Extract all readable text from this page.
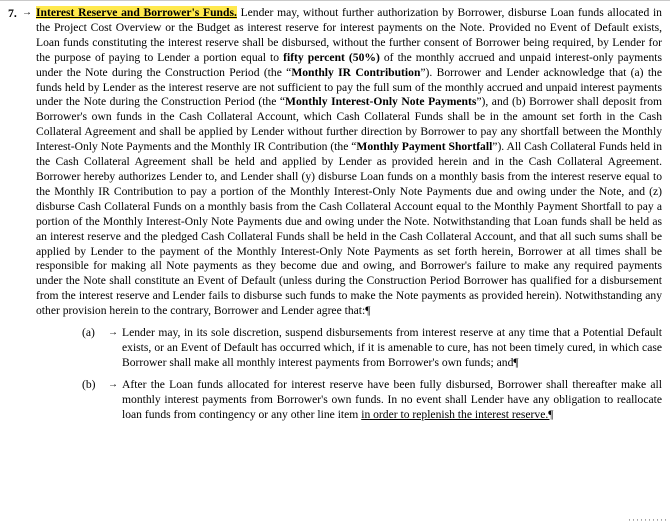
7. → Interest Reserve and Borrower's Funds. Lender may, without further authorization by Borrower, disburse Loan funds allocated in the Project Cost Overview or the Budget as interest reserve for interest payments on the Note. Provided no Event of Default exists, Loan funds constituting the interest reserve shall be disbursed, without the further consent of Borrower being required, by Lender for the purpose of paying to Lender a portion equal to fifty percent (50%) of the monthly accrued and unpaid interest-only payments under the Note during the Construction Period (the “Monthly IR Contribution”). Borrower and Lender acknowledge that (a) the funds held by Lender as the interest reserve are not sufficient to pay the full sum of the monthly accrued and unpaid interest payments under the Note during the Construction Period (the “Monthly Interest-Only Note Payments”), and (b) Borrower shall deposit from Borrower's own funds in the Cash Collateral Account, which Cash Collateral Funds shall be in the amount set forth in the Cash Collateral Agreement and shall be applied by Lender without further direction by Borrower to pay any shortfall between the Monthly Interest-Only Note Payments and the Monthly IR Contribution (the “Monthly Payment Shortfall”). All Cash Collateral Funds held in the Cash Collateral Agreement shall be held and applied by Lender as provided herein and in the Cash Collateral Agreement. Borrower hereby authorizes Lender to, and Lender shall (y) disburse Loan funds on a monthly basis from the interest reserve equal to the Monthly IR Contribution to pay a portion of the Monthly Interest-Only Note Payments due and owing under the Note, and (z) disburse Cash Collateral Funds on a monthly basis from the Cash Collateral Account equal to the Monthly Payment Shortfall to pay a portion of the Monthly Interest-Only Note Payments due and owing under the Note. Notwithstanding that Loan funds shall be held as an interest reserve and the pledged Cash Collateral Funds shall be held in the Cash Collateral Account, and that all such sums shall be applied by Lender to the payment of the Monthly Interest-Only Note Payments as set forth herein, Borrower at all times shall be responsible for making all Note payments as they become due and owing, and Borrower's failure to make any required payments under the Note shall constitute an Event of Default (unless during the Construction Period Borrower has qualified for a disbursement from the interest reserve and Lender fails to disburse such funds to make the Note payments as provided herein). Notwithstanding any other provision herein to the contrary, Borrower and Lender agree that:¶
(a)	→ Lender may, in its sole discretion, suspend disbursements from interest reserve at any time that a Potential Default exists, or an Event of Default has occurred which, if it is amenable to cure, has not been timely cured, in which case Borrower shall make all monthly interest payments from Borrower's own funds; and¶
(b)	→ After the Loan funds allocated for interest reserve have been fully disbursed, Borrower shall thereafter make all monthly interest payments from Borrower's own funds. In no event shall Lender have any obligation to reallocate loan funds from contingency or any other line item in order to replenish the interest reserve.¶
··········
